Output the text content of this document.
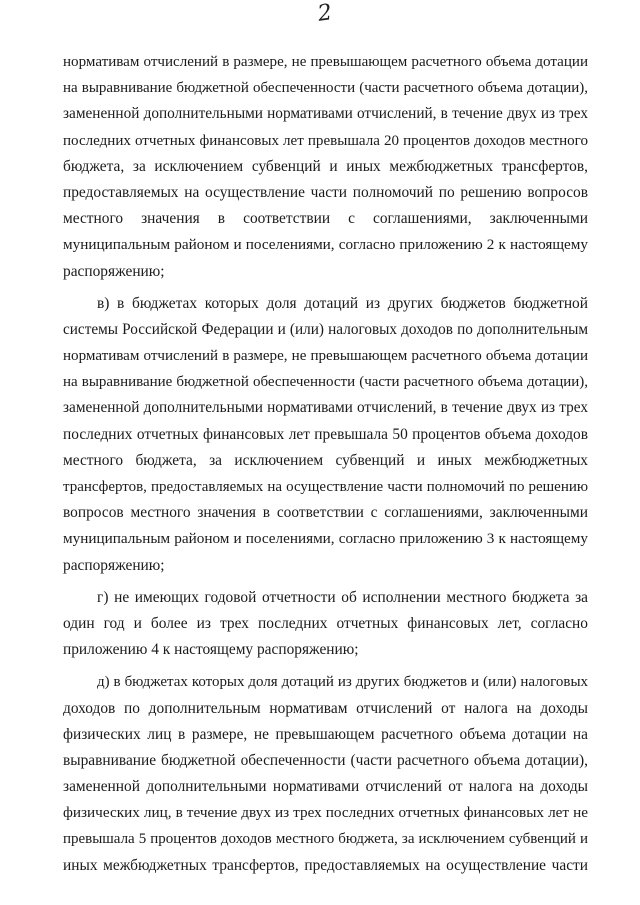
2
нормативам отчислений в размере, не превышающем расчетного объема дотации
на выравнивание бюджетной обеспеченности (части расчетного объема дотации),
замененной дополнительными нормативами отчислений, в течение двух из трех
последних отчетных финансовых лет превышала 20 процентов доходов местного
бюджета, за исключением субвенций и иных межбюджетных трансфертов,
предоставляемых на осуществление части полномочий по решению вопросов
местного значения в соответствии с соглашениями, заключенными
муниципальным районом и поселениями, согласно приложению 2 к настоящему
распоряжению;
в) в бюджетах которых доля дотаций из других бюджетов бюджетной
системы Российской Федерации и (или) налоговых доходов по дополнительным
нормативам отчислений в размере, не превышающем расчетного объема дотации
на выравнивание бюджетной обеспеченности (части расчетного объема дотации),
замененной дополнительными нормативами отчислений, в течение двух из трех
последних отчетных финансовых лет превышала 50 процентов объема доходов
местного бюджета, за исключением субвенций и иных межбюджетных
трансфертов, предоставляемых на осуществление части полномочий по решению
вопросов местного значения в соответствии с соглашениями, заключенными
муниципальным районом и поселениями, согласно приложению 3 к настоящему
распоряжению;
г) не имеющих годовой отчетности об исполнении местного бюджета за
один год и более из трех последних отчетных финансовых лет, согласно
приложению 4 к настоящему распоряжению;
д) в бюджетах которых доля дотаций из других бюджетов и (или) налоговых
доходов по дополнительным нормативам отчислений от налога на доходы
физических лиц в размере, не превышающем расчетного объема дотации на
выравнивание бюджетной обеспеченности (части расчетного объема дотации),
замененной дополнительными нормативами отчислений от налога на доходы
физических лиц, в течение двух из трех последних отчетных финансовых лет не
превышала 5 процентов доходов местного бюджета, за исключением субвенций и
иных межбюджетных трансфертов, предоставляемых на осуществление части
